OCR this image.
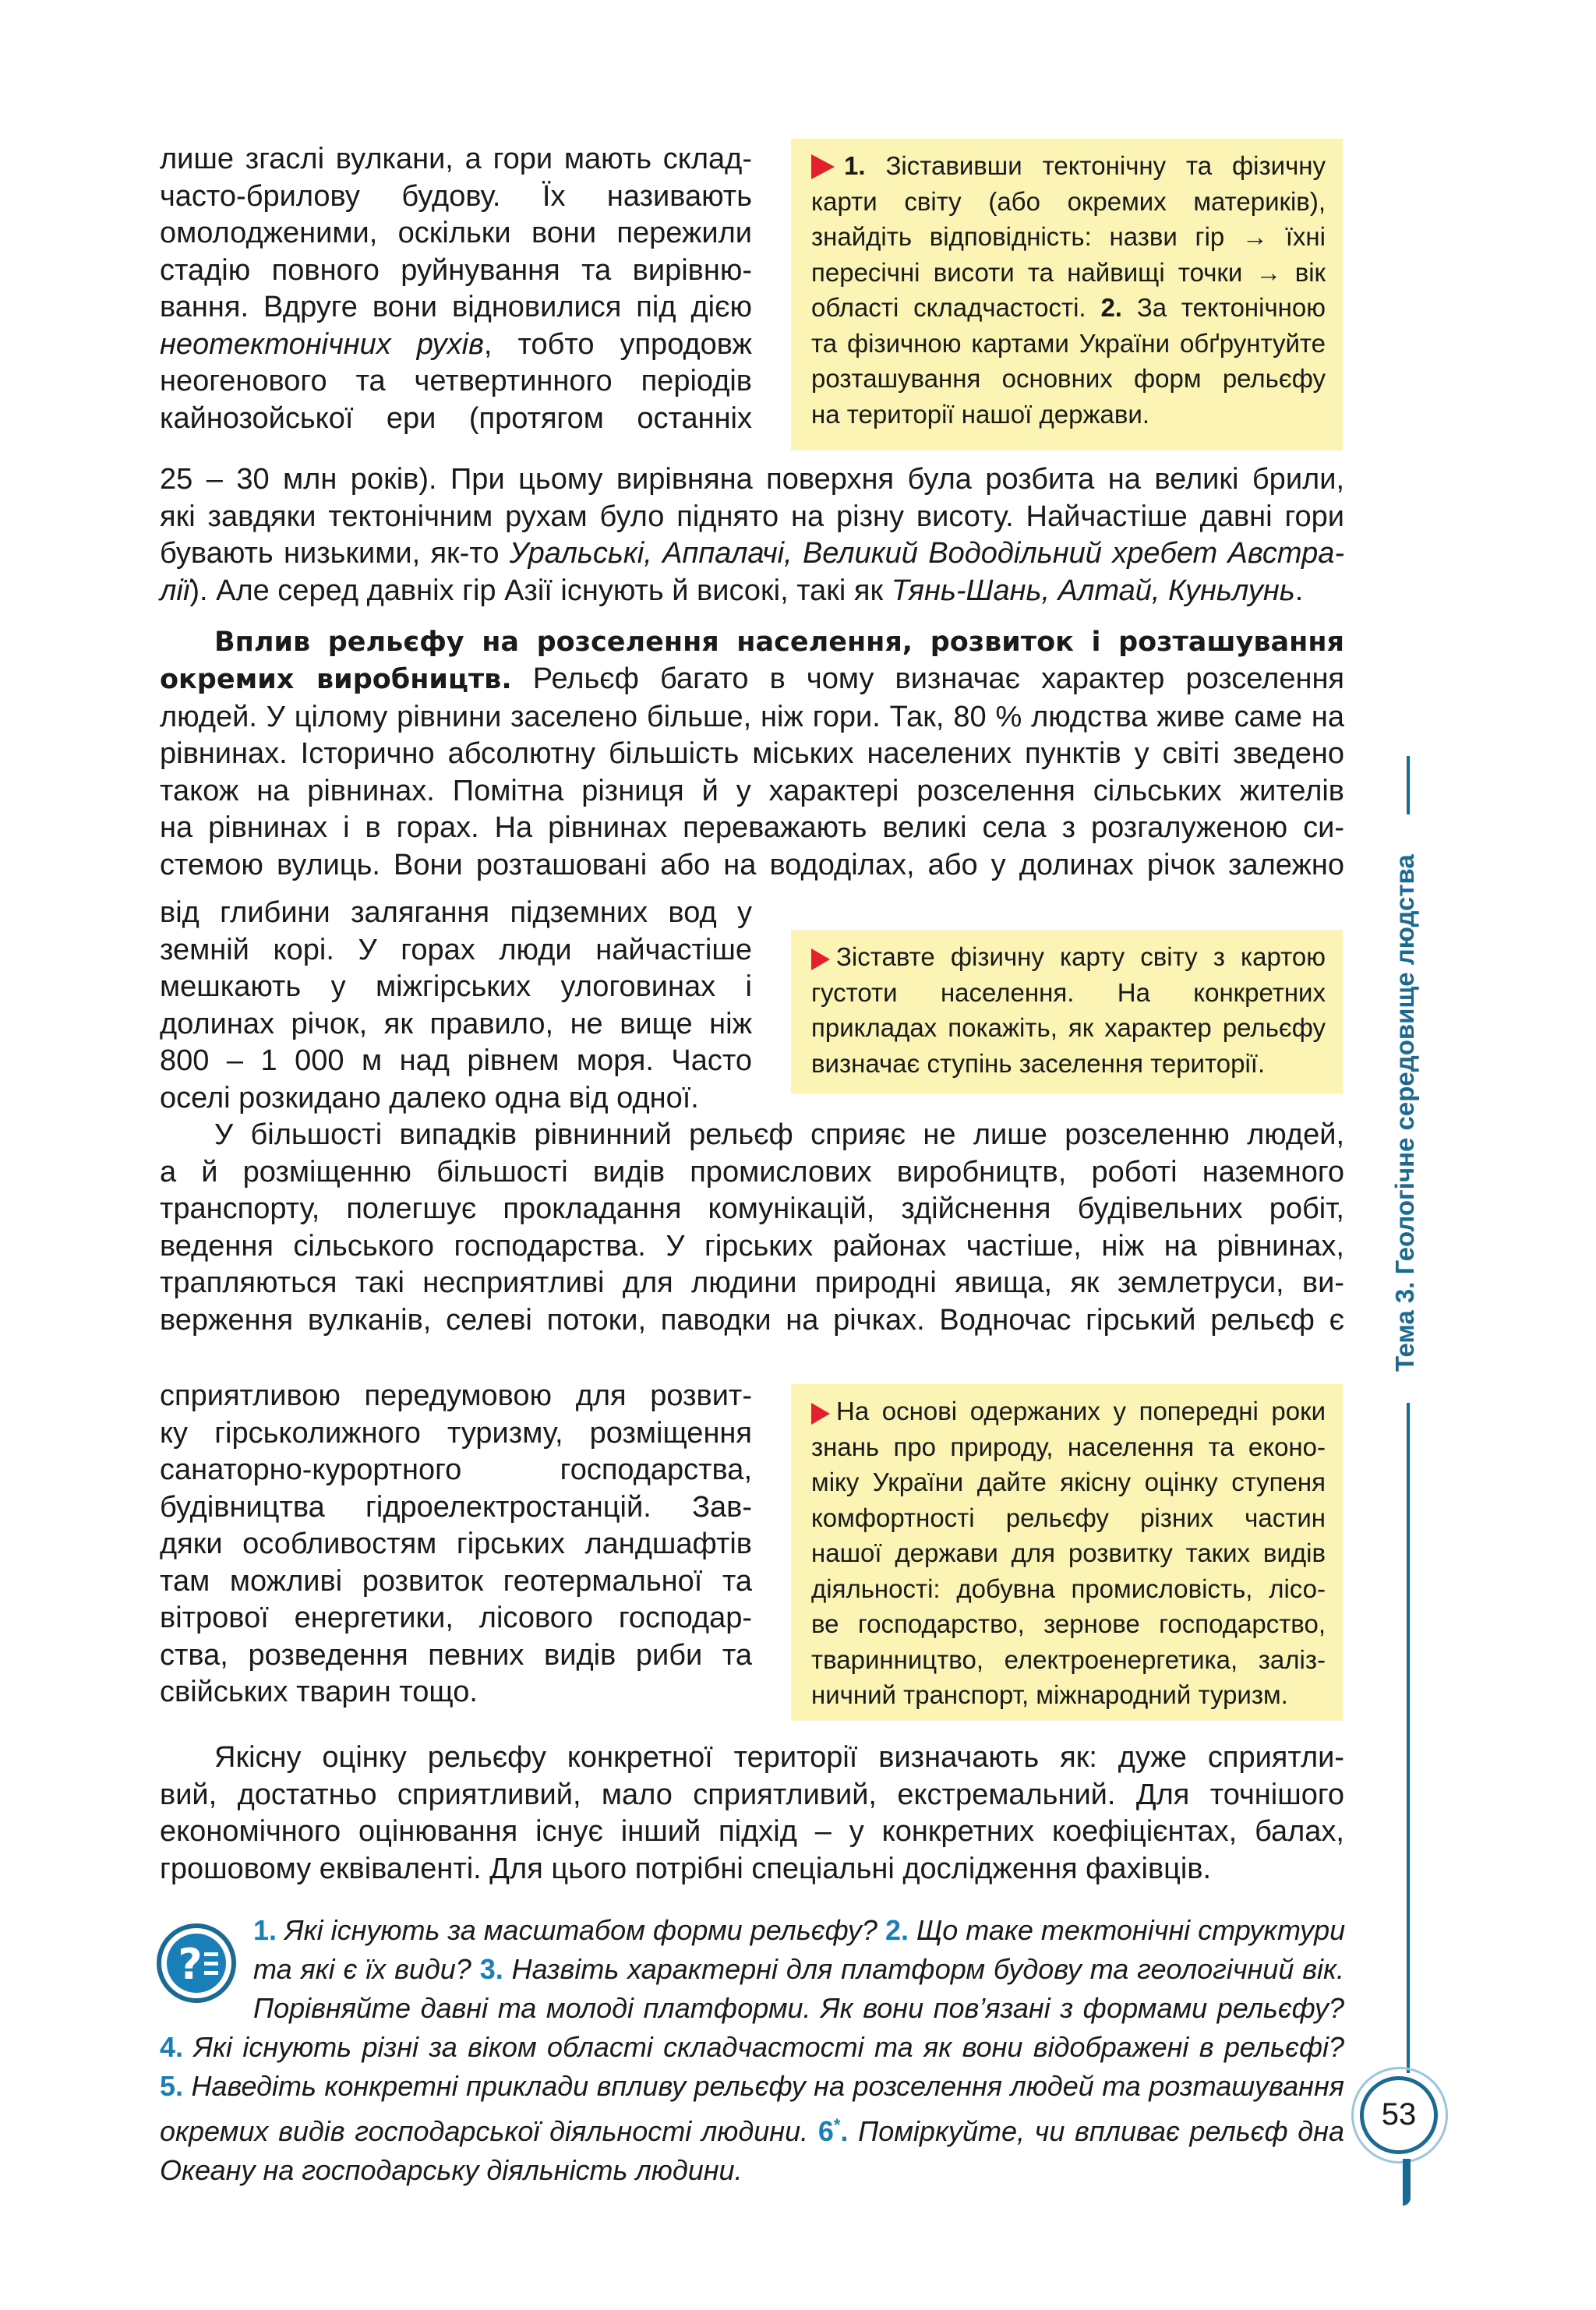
лише згаслі вулкани, а гори мають склад-
часто-брилову будову. Їх називають
омолодженими, оскільки вони пережили
стадію повного руйнування та вирівню-
вання. Вдруге вони відновилися під дією
неотектонічних рухів, тобто упродовж
неогенового та четвертинного періодів
кайнозойської ери (протягом останніх
25 – 30 млн років). При цьому вирівняна поверхня була розбита на великі брили,
які завдяки тектонічним рухам було піднято на різну висоту. Найчастіше давні гори
бувають низькими, як-то Уральські, Аппалачі, Великий Вододільний хребет Австра-
лії). Але серед давніх гір Азії існують й високі, такі як Тянь-Шань, Алтай, Куньлунь.
1. Зіставивши тектонічну та фізичну
карти світу (або окремих материків),
знайдіть відповідність: назви гір → їхні
пересічні висоти та найвищі точки → вік
області складчастості. 2. За тектонічною
та фізичною картами України обґрунтуйте
розташування основних форм рельєфу
на території нашої держави.
Вплив рельєфу на розселення населення, розвиток і розташування
окремих виробництв. Рельєф багато в чому визначає характер розселення
людей. У цілому рівнини заселено більше, ніж гори. Так, 80 % людства живе саме на
рівнинах. Історично абсолютну більшість міських населених пунктів у світі зведено
також на рівнинах. Помітна різниця й у характері розселення сільських жителів
на рівнинах і в горах. На рівнинах переважають великі села з розгалуженою си-
стемою вулиць. Вони розташовані або на вододілах, або у долинах річок залежно
від глибини залягання підземних вод у
земній корі. У горах люди найчастіше
мешкають у міжгірських улоговинах і
долинах річок, як правило, не вище ніж
800 – 1 000 м над рівнем моря. Часто
оселі розкидано далеко одна від одної.
Зіставте фізичну карту світу з картою
густоти населення. На конкретних
прикладах покажіть, як характер рельєфу
визначає ступінь заселення території.
У більшості випадків рівнинний рельєф сприяє не лише розселенню людей,
а й розміщенню більшості видів промислових виробництв, роботі наземного
транспорту, полегшує прокладання комунікацій, здійснення будівельних робіт,
ведення сільського господарства. У гірських районах частіше, ніж на рівнинах,
трапляються такі несприятливі для людини природні явища, як землетруси, ви-
верження вулканів, селеві потоки, паводки на річках. Водночас гірський рельєф є
сприятливою передумовою для розвит-
ку гірськолижного туризму, розміщення
санаторно-курортного господарства,
будівництва гідроелектростанцій. Зав-
дяки особливостям гірських ландшафтів
там можливі розвиток геотермальної та
вітрової енергетики, лісового господар-
ства, розведення певних видів риби та
свійських тварин тощо.
На основі одержаних у попередні роки
знань про природу, населення та еконо-
міку України дайте якісну оцінку ступеня
комфортності рельєфу різних частин
нашої держави для розвитку таких видів
діяльності: добувна промисловість, лісо-
ве господарство, зернове господарство,
тваринництво, електроенергетика, заліз-
ничний транспорт, міжнародний туризм.
Якісну оцінку рельєфу конкретної території визначають як: дуже сприятли-
вий, достатньо сприятливий, мало сприятливий, екстремальний. Для точнішого
економічного оцінювання існує інший підхід – у конкретних коефіцієнтах, балах,
грошовому еквіваленті. Для цього потрібні спеціальні дослідження фахівців.
?
1. Які існують за масштабом форми рельєфу? 2. Що таке тектонічні структури
та які є їх види? 3. Назвіть характерні для платформ будову та геологічний вік.
Порівняйте давні та молоді платформи. Як вони пов’язані з формами рельєфу?
4. Які існують різні за віком області складчастості та як вони відображені в рельєфі?
5. Наведіть конкретні приклади впливу рельєфу на розселення людей та розташування
окремих видів господарської діяльності людини. 6*. Поміркуйте, чи впливає рельєф дна
Океану на господарську діяльність людини.
Тема 3. Геологічне середовище людства
53
